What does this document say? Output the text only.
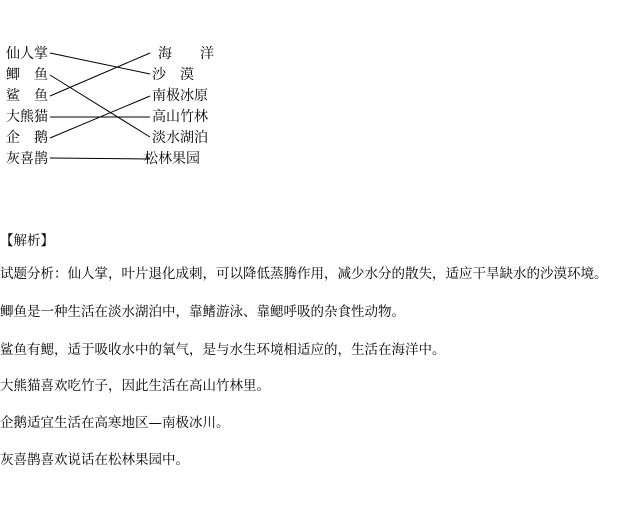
仙人掌
鲫　鱼
鲨　鱼
大熊猫
企　鹅
灰喜鹊
海　　洋
沙　漠
南极冰原
高山竹林
淡水湖泊
松林果园
【解析】
试题分析：仙人掌，叶片退化成刺，可以降低蒸腾作用，减少水分的散失，适应干旱缺水的沙漠环境。
鲫鱼是一种生活在淡水湖泊中，靠鳍游泳、靠鳃呼吸的杂食性动物。
鲨鱼有鳃，适于吸收水中的氧气，是与水生环境相适应的，生活在海洋中。
大熊猫喜欢吃竹子，因此生活在高山竹林里。
企鹅适宜生活在高寒地区—南极冰川。
灰喜鹊喜欢说话在松林果园中。
